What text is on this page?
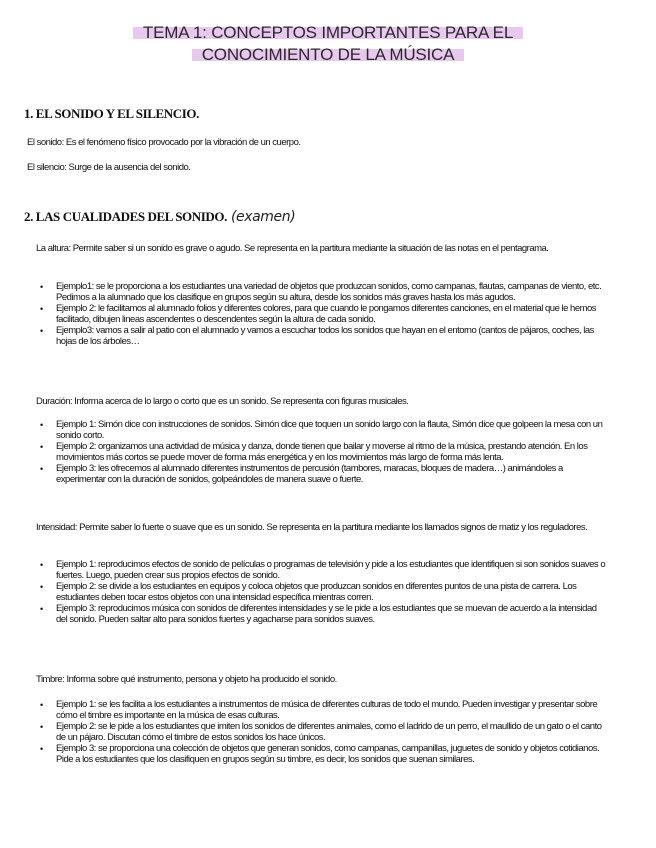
TEMA 1: CONCEPTOS IMPORTANTES PARA EL
CONOCIMIENTO DE LA MÚSICA
1. EL SONIDO Y EL SILENCIO.
El sonido: Es el fenómeno físico provocado por la vibración de un cuerpo.
El silencio: Surge de la ausencia del sonido.
2. LAS CUALIDADES DEL SONIDO. (examen)
La altura: Permite saber si un sonido es grave o agudo. Se representa en la partitura mediante la situación de las notas en el pentagrama.
• Ejemplo1: se le proporciona a los estudiantes una variedad de objetos que produzcan sonidos, como campanas, flautas, campanas de viento, etc. Pedimos a la alumnado que los clasifique en grupos según su altura, desde los sonidos más graves hasta los más agudos.
• Ejemplo 2: le facilitamos al alumnado folios y diferentes colores, para que cuando le pongamos diferentes canciones, en el material que le hemos facilitado, dibujen lineas ascendentes o descendentes según la altura de cada sonido.
• Ejemplo3: vamos a salir al patio con el alumnado y vamos a escuchar todos los sonidos que hayan en el entorno (cantos de pájaros, coches, las hojas de los árboles…
Duración: Informa acerca de lo largo o corto que es un sonido. Se representa con figuras musicales.
• Ejemplo 1: Simón dice con instrucciones de sonidos. Simón dice que toquen un sonido largo con la flauta, Simón dice que golpeen la mesa con un sonido corto.
• Ejemplo 2: organizamos una actividad de música y danza, donde tienen que bailar y moverse al ritmo de la música, prestando atención. En los movimientos más cortos se puede mover de forma más energética y en los movimientos más largo de forma más lenta.
• Ejemplo 3: les ofrecemos al alumnado diferentes instrumentos de percusión (tambores, maracas, bloques de madera…) animándoles a experimentar con la duración de sonidos, golpeándoles de manera suave o fuerte.
Intensidad: Permite saber lo fuerte o suave que es un sonido. Se representa en la partitura mediante los llamados signos de matiz y los reguladores.
• Ejemplo 1: reproducimos efectos de sonido de películas o programas de televisión y pide a los estudiantes que identifiquen si son sonidos suaves o fuertes. Luego, pueden crear sus propios efectos de sonido.
• Ejemplo 2: se divide a los estudiantes en equipos y coloca objetos que produzcan sonidos en diferentes puntos de una pista de carrera. Los estudiantes deben tocar estos objetos con una intensidad específica mientras corren.
• Ejemplo 3: reproducimos música con sonidos de diferentes intensidades y se le pide a los estudiantes que se muevan de acuerdo a la intensidad del sonido. Pueden saltar alto para sonidos fuertes y agacharse para sonidos suaves.
Timbre: Informa sobre qué instrumento, persona y objeto ha producido el sonido.
• Ejemplo 1: se les facilita a los estudiantes a instrumentos de música de diferentes culturas de todo el mundo. Pueden investigar y presentar sobre cómo el timbre es importante en la música de esas culturas.
• Ejemplo 2: se le pide a los estudiantes que imiten los sonidos de diferentes animales, como el ladrido de un perro, el maullido de un gato o el canto de un pájaro. Discutan cómo el timbre de estos sonidos los hace únicos.
• Ejemplo 3: se proporciona una colección de objetos que generan sonidos, como campanas, campanillas, juguetes de sonido y objetos cotidianos. Pide a los estudiantes que los clasifiquen en grupos según su timbre, es decir, los sonidos que suenan similares.
